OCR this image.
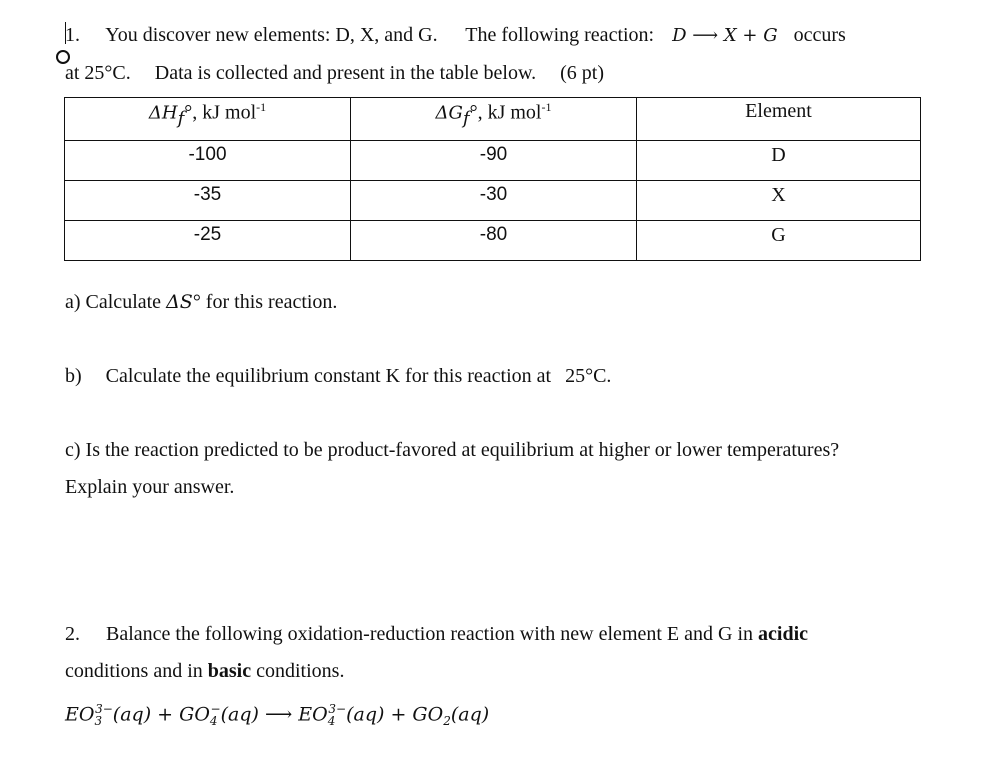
1. You discover new elements: D, X, and G. The following reaction: D ⟶ X + G occurs
at 25°C. Data is collected and present in the table below. (6 pt)
$\Delta H_f^\circ$, kJ mol$^{-1}$	$\Delta G_f^\circ$, kJ mol$^{-1}$	Element
-100	-90	D
-35	-30	X
-25	-80	G
a) Calculate ΔS° for this reaction.
b) Calculate the equilibrium constant K for this reaction at 25°C.
c) Is the reaction predicted to be product-favored at equilibrium at higher or lower temperatures?
Explain your answer.
2. Balance the following oxidation-reduction reaction with new element E and G in acidic
conditions and in basic conditions.
$EO_3^{3-}(aq) + GO_4^-(aq)$ ⟶ $EO_4^{3-}(aq) + GO_2(aq)$
